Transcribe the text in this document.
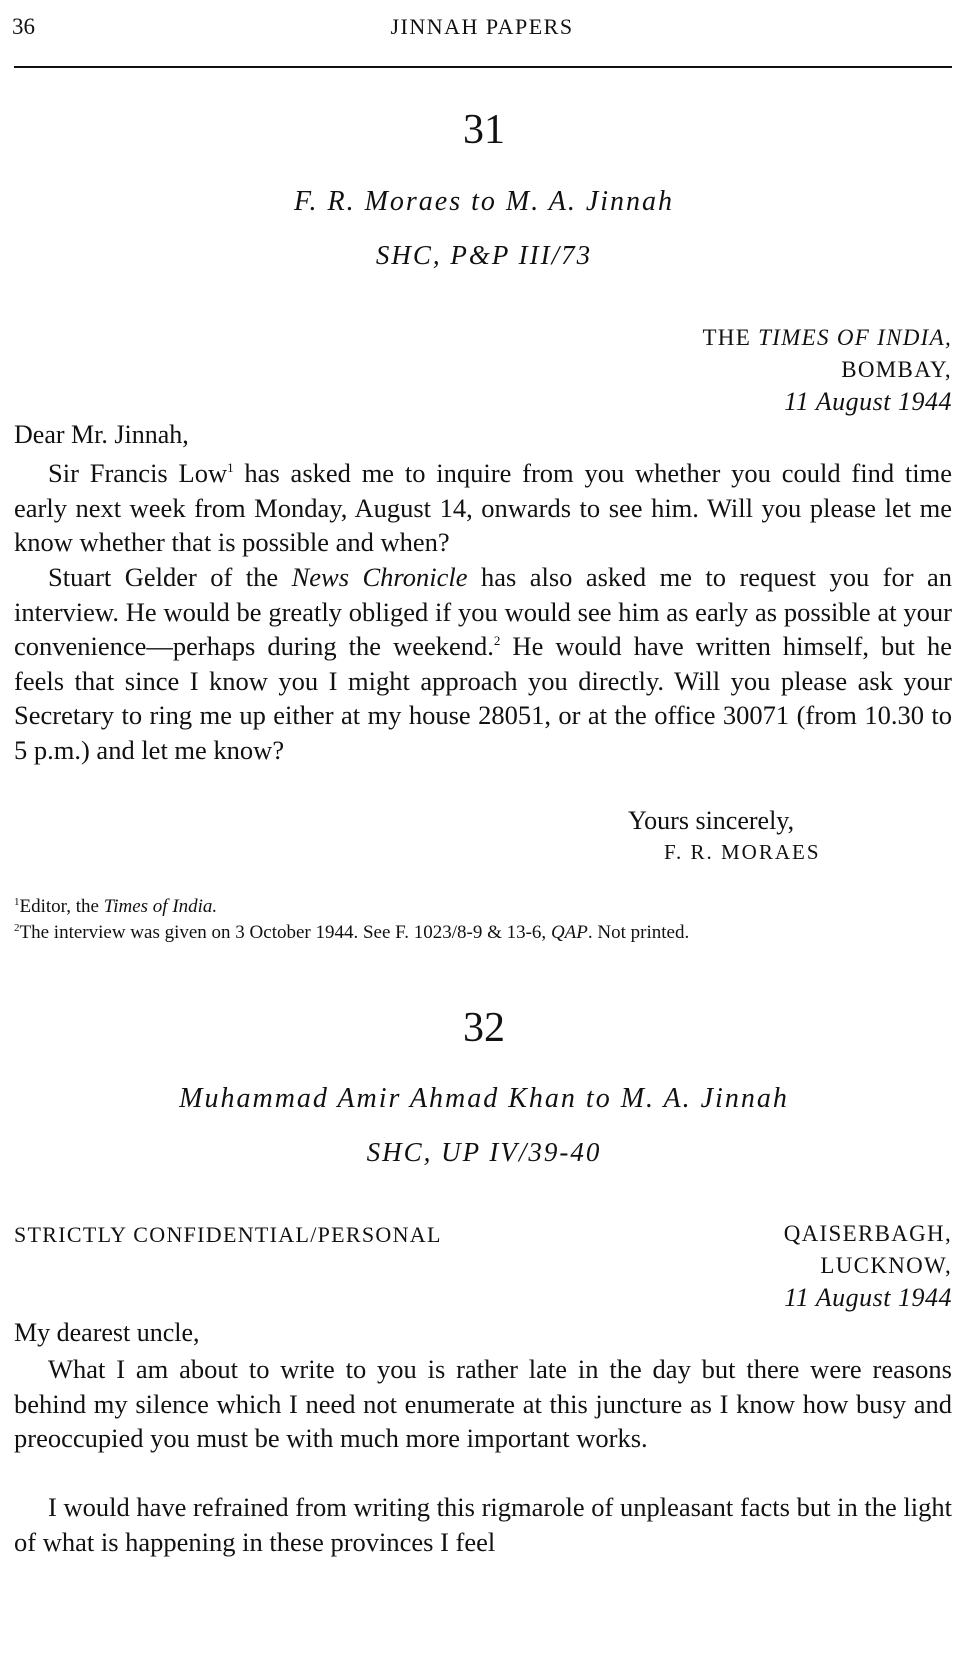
36	JINNAH PAPERS
31
F. R. Moraes to M. A. Jinnah
SHC, P&P III/73
THE TIMES OF INDIA,
BOMBAY,
11 August 1944
Dear Mr. Jinnah,
Sir Francis Low$^1$ has asked me to inquire from you whether you could find time early next week from Monday, August 14, onwards to see him. Will you please let me know whether that is possible and when?
Stuart Gelder of the News Chronicle has also asked me to request you for an interview. He would be greatly obliged if you would see him as early as possible at your convenience—perhaps during the weekend.$^2$ He would have written himself, but he feels that since I know you I might approach you directly. Will you please ask your Secretary to ring me up either at my house 28051, or at the office 30071 (from 10.30 to 5 p.m.) and let me know?
Yours sincerely,
F. R. MORAES
$^1$Editor, the Times of India.
$^2$The interview was given on 3 October 1944. See F. 1023/8-9 & 13-6, QAP. Not printed.
32
Muhammad Amir Ahmad Khan to M. A. Jinnah
SHC, UP IV/39-40
STRICTLY CONFIDENTIAL/PERSONAL	QAISERBAGH,
LUCKNOW,
11 August 1944
My dearest uncle,
What I am about to write to you is rather late in the day but there were reasons behind my silence which I need not enumerate at this juncture as I know how busy and preoccupied you must be with much more important works.
I would have refrained from writing this rigmarole of unpleasant facts but in the light of what is happening in these provinces I feel
